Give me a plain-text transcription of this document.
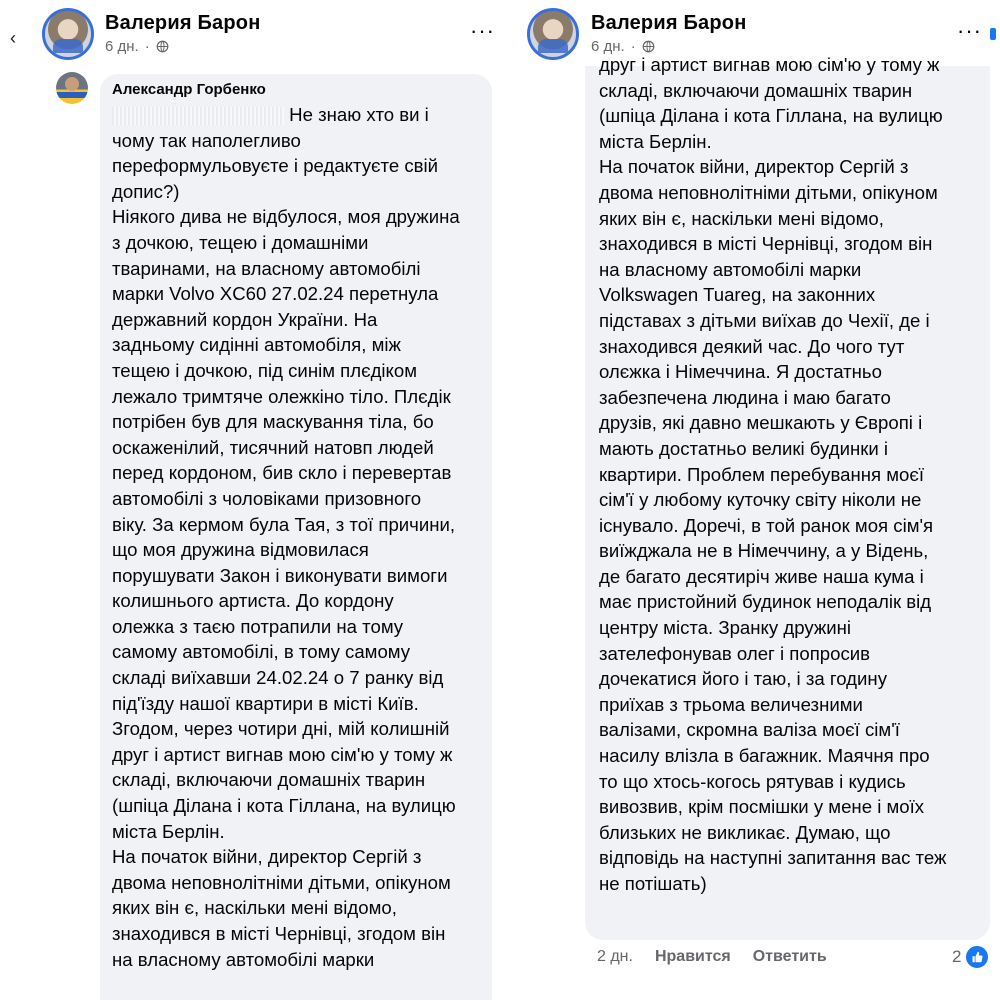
‹
Валерия Барон
6 дн. ·
···
Александр Горбенко
Не знаю хто ви і
чому так наполегливо
переформульовуєте і редактуєте свій
допис?)
Ніякого дива не відбулося, моя дружина
з дочкою, тещею і домашніми
тваринами, на власному автомобілі
марки Volvo XC60 27.02.24 перетнула
державний кордон України. На
задньому сидінні автомобіля, між
тещею і дочкою, під синім плєдіком
лежало тримтяче олежкіно тіло. Плєдік
потрібен був для маскування тіла, бо
оскаженілий, тисячний натовп людей
перед кордоном, бив скло і перевертав
автомобілі з чоловіками призовного
віку. За кермом була Тая, з тої причини,
що моя дружина відмовилася
порушувати Закон і виконувати вимоги
колишнього артиста. До кордону
олежка з таєю потрапили на тому
самому автомобілі, в тому самому
складі виїхавши 24.02.24 о 7 ранку від
під'їзду нашої квартири в місті Київ.
Згодом, через чотири дні, мій колишній
друг і артист вигнав мою сім'ю у тому ж
складі, включаючи домашніх тварин
(шпіца Ділана і кота Гіллана, на вулицю
міста Берлін.
На початок війни, директор Сергій з
двома неповнолітніми дітьми, опікуном
яких він є, наскільки мені відомо,
знаходився в місті Чернівці, згодом він
на власному автомобілі марки
Валерия Барон
6 дн. ·
···
друг і артист вигнав мою сім'ю у тому ж
складі, включаючи домашніх тварин
(шпіца Ділана і кота Гіллана, на вулицю
міста Берлін.
На початок війни, директор Сергій з
двома неповнолітніми дітьми, опікуном
яких він є, наскільки мені відомо,
знаходився в місті Чернівці, згодом він
на власному автомобілі марки
Volkswagen Tuareg, на законних
підставах з дітьми виїхав до Чехії, де і
знаходився деякий час. До чого тут
олєжка і Німеччина. Я достатньо
забезпечена людина і маю багато
друзів, які давно мешкають у Європі і
мають достатньо великі будинки і
квартири. Проблем перебування моєї
сім'ї у любому куточку світу ніколи не
існувало. Доречі, в той ранок моя сім'я
виїжджала не в Німеччину, а у Відень,
де багато десятиріч живе наша кума і
має пристойний будинок неподалік від
центру міста. Зранку дружині
зателефонував олег і попросив
дочекатися його і таю, і за годину
приїхав з трьома величезними
валізами, скромна валіза моєї сім'ї
насилу влізла в багажник. Маячня про
то що хтось-когось рятував і кудись
вивозвив, крім посмішки у мене і моїх
близьких не викликає. Думаю, що
відповідь на наступні запитання вас теж
не потішать)
2 дн. Нравится Ответить	2
